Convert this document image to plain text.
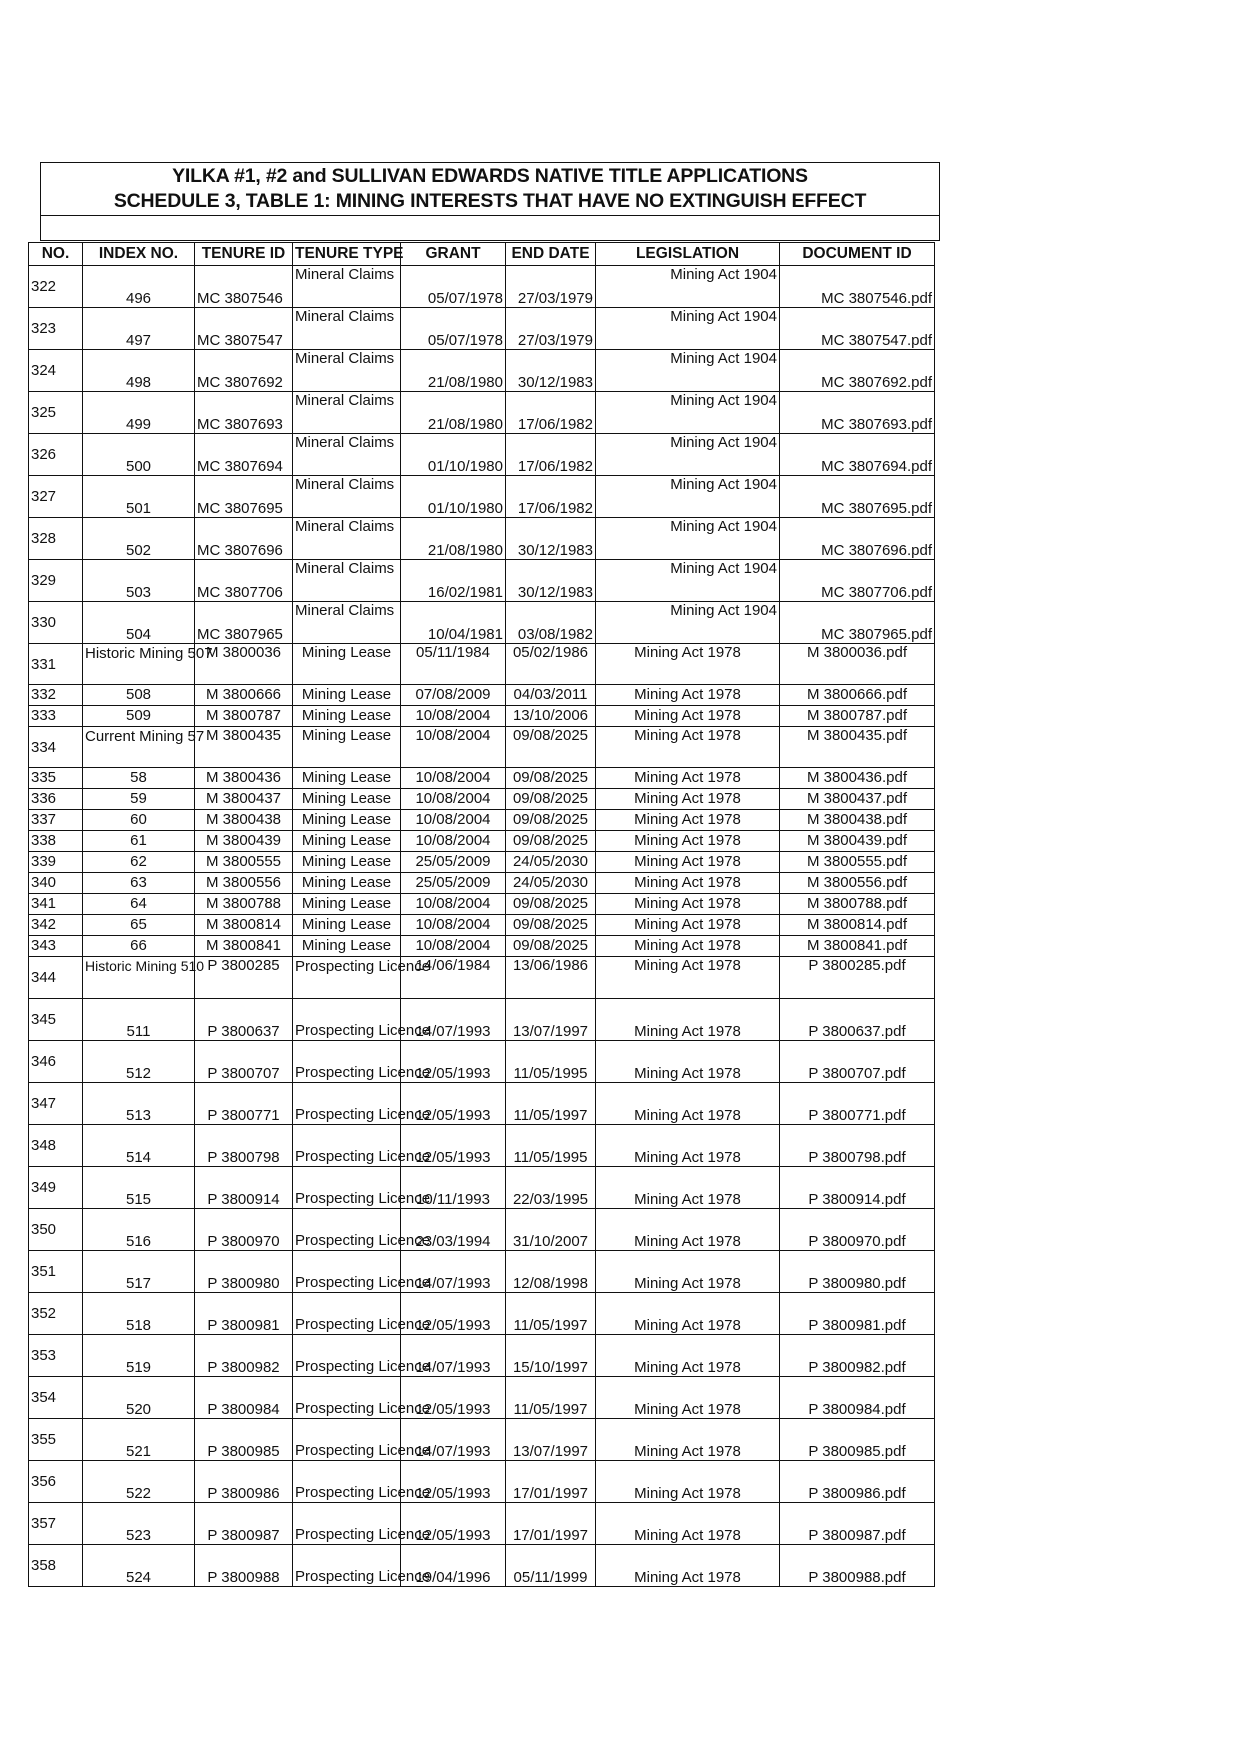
YILKA #1, #2 and SULLIVAN EDWARDS NATIVE TITLE APPLICATIONS
SCHEDULE 3, TABLE 1: MINING INTERESTS THAT HAVE NO EXTINGUISH EFFECT
NO.	INDEX NO.	TENURE ID	TENURE TYPE	GRANT	END DATE	LEGISLATION	DOCUMENT ID
322	496	MC 3807546	Mineral Claims	05/07/1978	27/03/1979	Mining Act 1904	MC 3807546.pdf
323	497	MC 3807547	Mineral Claims	05/07/1978	27/03/1979	Mining Act 1904	MC 3807547.pdf
324	498	MC 3807692	Mineral Claims	21/08/1980	30/12/1983	Mining Act 1904	MC 3807692.pdf
325	499	MC 3807693	Mineral Claims	21/08/1980	17/06/1982	Mining Act 1904	MC 3807693.pdf
326	500	MC 3807694	Mineral Claims	01/10/1980	17/06/1982	Mining Act 1904	MC 3807694.pdf
327	501	MC 3807695	Mineral Claims	01/10/1980	17/06/1982	Mining Act 1904	MC 3807695.pdf
328	502	MC 3807696	Mineral Claims	21/08/1980	30/12/1983	Mining Act 1904	MC 3807696.pdf
329	503	MC 3807706	Mineral Claims	16/02/1981	30/12/1983	Mining Act 1904	MC 3807706.pdf
330	504	MC 3807965	Mineral Claims	10/04/1981	03/08/1982	Mining Act 1904	MC 3807965.pdf
331	Historic Mining 507	M 3800036	Mining Lease	05/11/1984	05/02/1986	Mining Act 1978	M 3800036.pdf
332	508	M 3800666	Mining Lease	07/08/2009	04/03/2011	Mining Act 1978	M 3800666.pdf
333	509	M 3800787	Mining Lease	10/08/2004	13/10/2006	Mining Act 1978	M 3800787.pdf
334	Current Mining 57	M 3800435	Mining Lease	10/08/2004	09/08/2025	Mining Act 1978	M 3800435.pdf
335	58	M 3800436	Mining Lease	10/08/2004	09/08/2025	Mining Act 1978	M 3800436.pdf
336	59	M 3800437	Mining Lease	10/08/2004	09/08/2025	Mining Act 1978	M 3800437.pdf
337	60	M 3800438	Mining Lease	10/08/2004	09/08/2025	Mining Act 1978	M 3800438.pdf
338	61	M 3800439	Mining Lease	10/08/2004	09/08/2025	Mining Act 1978	M 3800439.pdf
339	62	M 3800555	Mining Lease	25/05/2009	24/05/2030	Mining Act 1978	M 3800555.pdf
340	63	M 3800556	Mining Lease	25/05/2009	24/05/2030	Mining Act 1978	M 3800556.pdf
341	64	M 3800788	Mining Lease	10/08/2004	09/08/2025	Mining Act 1978	M 3800788.pdf
342	65	M 3800814	Mining Lease	10/08/2004	09/08/2025	Mining Act 1978	M 3800814.pdf
343	66	M 3800841	Mining Lease	10/08/2004	09/08/2025	Mining Act 1978	M 3800841.pdf
344	Historic Mining 510	P 3800285	Prospecting Licence	14/06/1984	13/06/1986	Mining Act 1978	P 3800285.pdf
345	511	P 3800637	Prospecting Licence	14/07/1993	13/07/1997	Mining Act 1978	P 3800637.pdf
346	512	P 3800707	Prospecting Licence	12/05/1993	11/05/1995	Mining Act 1978	P 3800707.pdf
347	513	P 3800771	Prospecting Licence	12/05/1993	11/05/1997	Mining Act 1978	P 3800771.pdf
348	514	P 3800798	Prospecting Licence	12/05/1993	11/05/1995	Mining Act 1978	P 3800798.pdf
349	515	P 3800914	Prospecting Licence	10/11/1993	22/03/1995	Mining Act 1978	P 3800914.pdf
350	516	P 3800970	Prospecting Licence	23/03/1994	31/10/2007	Mining Act 1978	P 3800970.pdf
351	517	P 3800980	Prospecting Licence	14/07/1993	12/08/1998	Mining Act 1978	P 3800980.pdf
352	518	P 3800981	Prospecting Licence	12/05/1993	11/05/1997	Mining Act 1978	P 3800981.pdf
353	519	P 3800982	Prospecting Licence	14/07/1993	15/10/1997	Mining Act 1978	P 3800982.pdf
354	520	P 3800984	Prospecting Licence	12/05/1993	11/05/1997	Mining Act 1978	P 3800984.pdf
355	521	P 3800985	Prospecting Licence	14/07/1993	13/07/1997	Mining Act 1978	P 3800985.pdf
356	522	P 3800986	Prospecting Licence	12/05/1993	17/01/1997	Mining Act 1978	P 3800986.pdf
357	523	P 3800987	Prospecting Licence	12/05/1993	17/01/1997	Mining Act 1978	P 3800987.pdf
358	524	P 3800988	Prospecting Licence	19/04/1996	05/11/1999	Mining Act 1978	P 3800988.pdf
